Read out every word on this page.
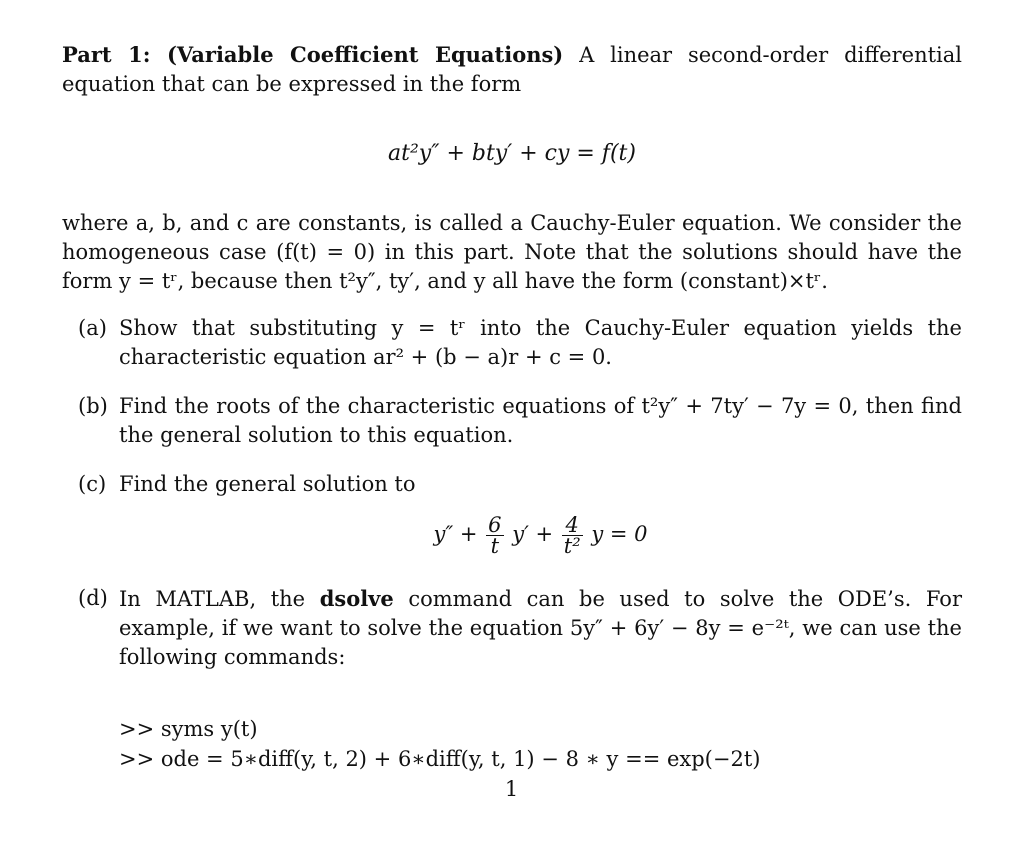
Part 1: (Variable Coefficient Equations) A linear second-order differential equation that can be expressed in the form

at²y″ + bty′ + cy = f(t)

where a, b, and c are constants, is called a Cauchy-Euler equation. We consider the homogeneous case (f(t) = 0) in this part. Note that the solutions should have the form y = tʳ, because then t²y″, ty′, and y all have the form (constant)×tʳ.

(a) Show that substituting y = tʳ into the Cauchy-Euler equation yields the characteristic equation ar² + (b − a)r + c = 0.
(b) Find the roots of the characteristic equations of t²y″ + 7ty′ − 7y = 0, then find the general solution to this equation.
(c) Find the general solution to
$y'' + \frac{6}{t} y' + \frac{4}{\text{t²}}$ y = 0
(d) In MATLAB, the dsolve command can be used to solve the ODE’s. For example, if we want to solve the equation 5y″ + 6y′ − 8y = e⁻²ᵗ, we can use the following commands:
>> syms y(t)
>> ode = 5∗diff(y, t, 2) + 6∗diff(y, t, 1) − 8 ∗ y == exp(−2t)
1
